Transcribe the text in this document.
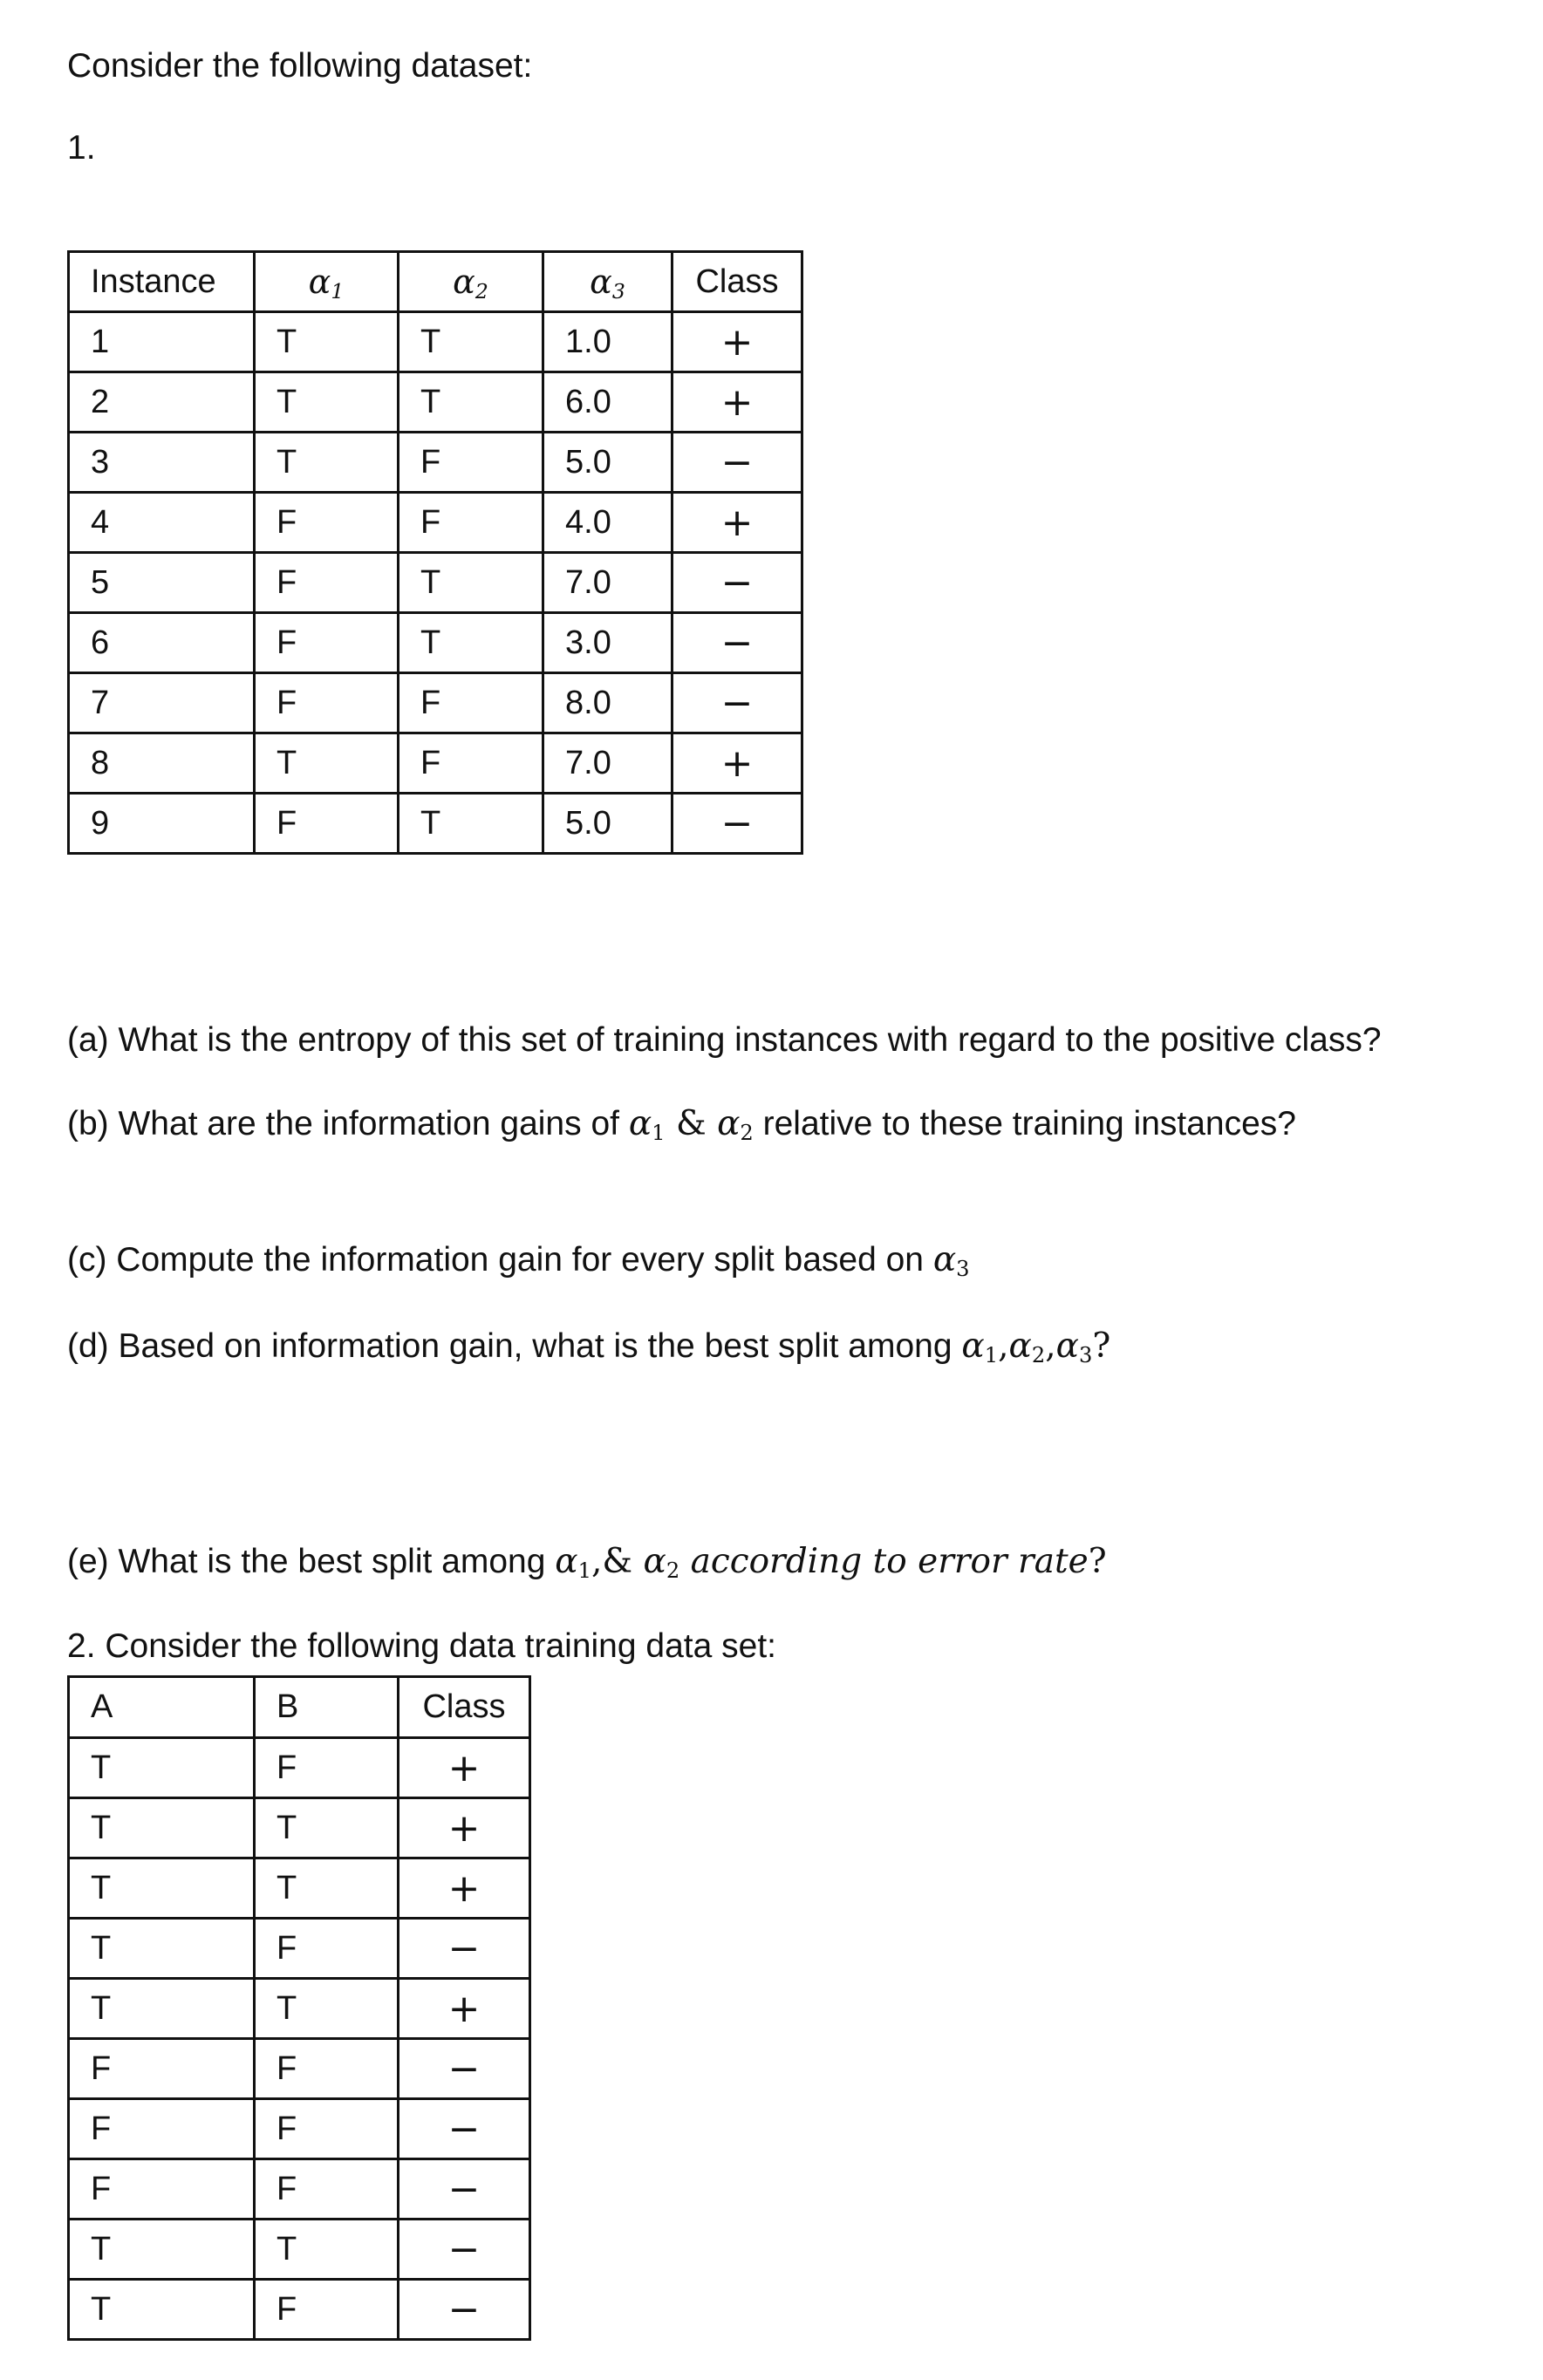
Consider the following dataset:
1.
Instance	$\alpha_1$	$\alpha_2$	$\alpha_3$	Class
1	T	T	1.0	+
2	T	T	6.0	+
3	T	F	5.0	−
4	F	F	4.0	+
5	F	T	7.0	−
6	F	T	3.0	−
7	F	F	8.0	−
8	T	F	7.0	+
9	F	T	5.0	−
(a) What is the entropy of this set of training instances with regard to the positive class?
(b) What are the information gains of $\alpha_1$ & $\alpha_2$ relative to these training instances?
(c) Compute the information gain for every split based on $\alpha_3$
(d) Based on information gain, what is the best split among $\alpha_1,\alpha_2,\alpha_3$?
(e) What is the best split among $\alpha_1,\&$ $\alpha_2$ according to error rate?
2. Consider the following data training data set:
A	B	Class
T	F	+
T	T	+
T	T	+
T	F	−
T	T	+
F	F	−
F	F	−
F	F	−
T	T	−
T	F	−
